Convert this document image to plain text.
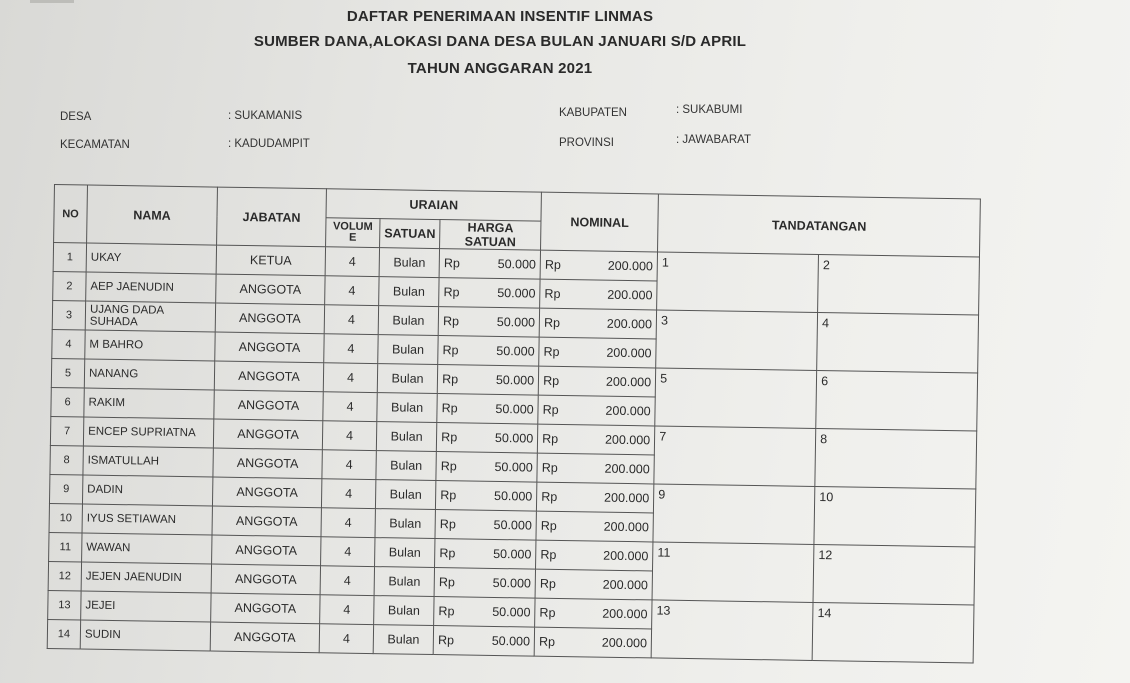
DAFTAR PENERIMAAN INSENTIF LINMAS
SUMBER DANA,ALOKASI DANA DESA BULAN JANUARI S/D APRIL
TAHUN ANGGARAN 2021
DESA	: SUKAMANIS
KECAMATAN	: KADUDAMPIT
KABUPATEN	: SUKABUMI
PROVINSI	: JAWABARAT
NO	NAMA	JABATAN	URAIAN			NOMINAL	TANDATANGAN	
			VOLUM E	SATUAN	HARGA SATUAN			
1	UKAY	KETUA	4	Bulan	Rp 50.000	Rp 200.000	1	2
2	AEP JAENUDIN	ANGGOTA	4	Bulan	Rp 50.000	Rp 200.000		

3	UJANG DADA SUHADA	ANGGOTA	4	Bulan	Rp 50.000	Rp 200.000	3	4
4	M BAHRO	ANGGOTA	4	Bulan	Rp 50.000	Rp 200.000		

5	NANANG	ANGGOTA	4	Bulan	Rp 50.000	Rp 200.000	5	6
6	RAKIM	ANGGOTA	4	Bulan	Rp 50.000	Rp 200.000		

7	ENCEP SUPRIATNA	ANGGOTA	4	Bulan	Rp 50.000	Rp 200.000	7	8
8	ISMATULLAH	ANGGOTA	4	Bulan	Rp 50.000	Rp 200.000		

9	DADIN	ANGGOTA	4	Bulan	Rp 50.000	Rp 200.000	9	10
10	IYUS SETIAWAN	ANGGOTA	4	Bulan	Rp 50.000	Rp 200.000		

11	WAWAN	ANGGOTA	4	Bulan	Rp 50.000	Rp 200.000	11	12
12	JEJEN JAENUDIN	ANGGOTA	4	Bulan	Rp 50.000	Rp 200.000		

13	JEJEI	ANGGOTA	4	Bulan	Rp 50.000	Rp 200.000	13	14
14	SUDIN	ANGGOTA	4	Bulan	Rp 50.000	Rp 200.000		
